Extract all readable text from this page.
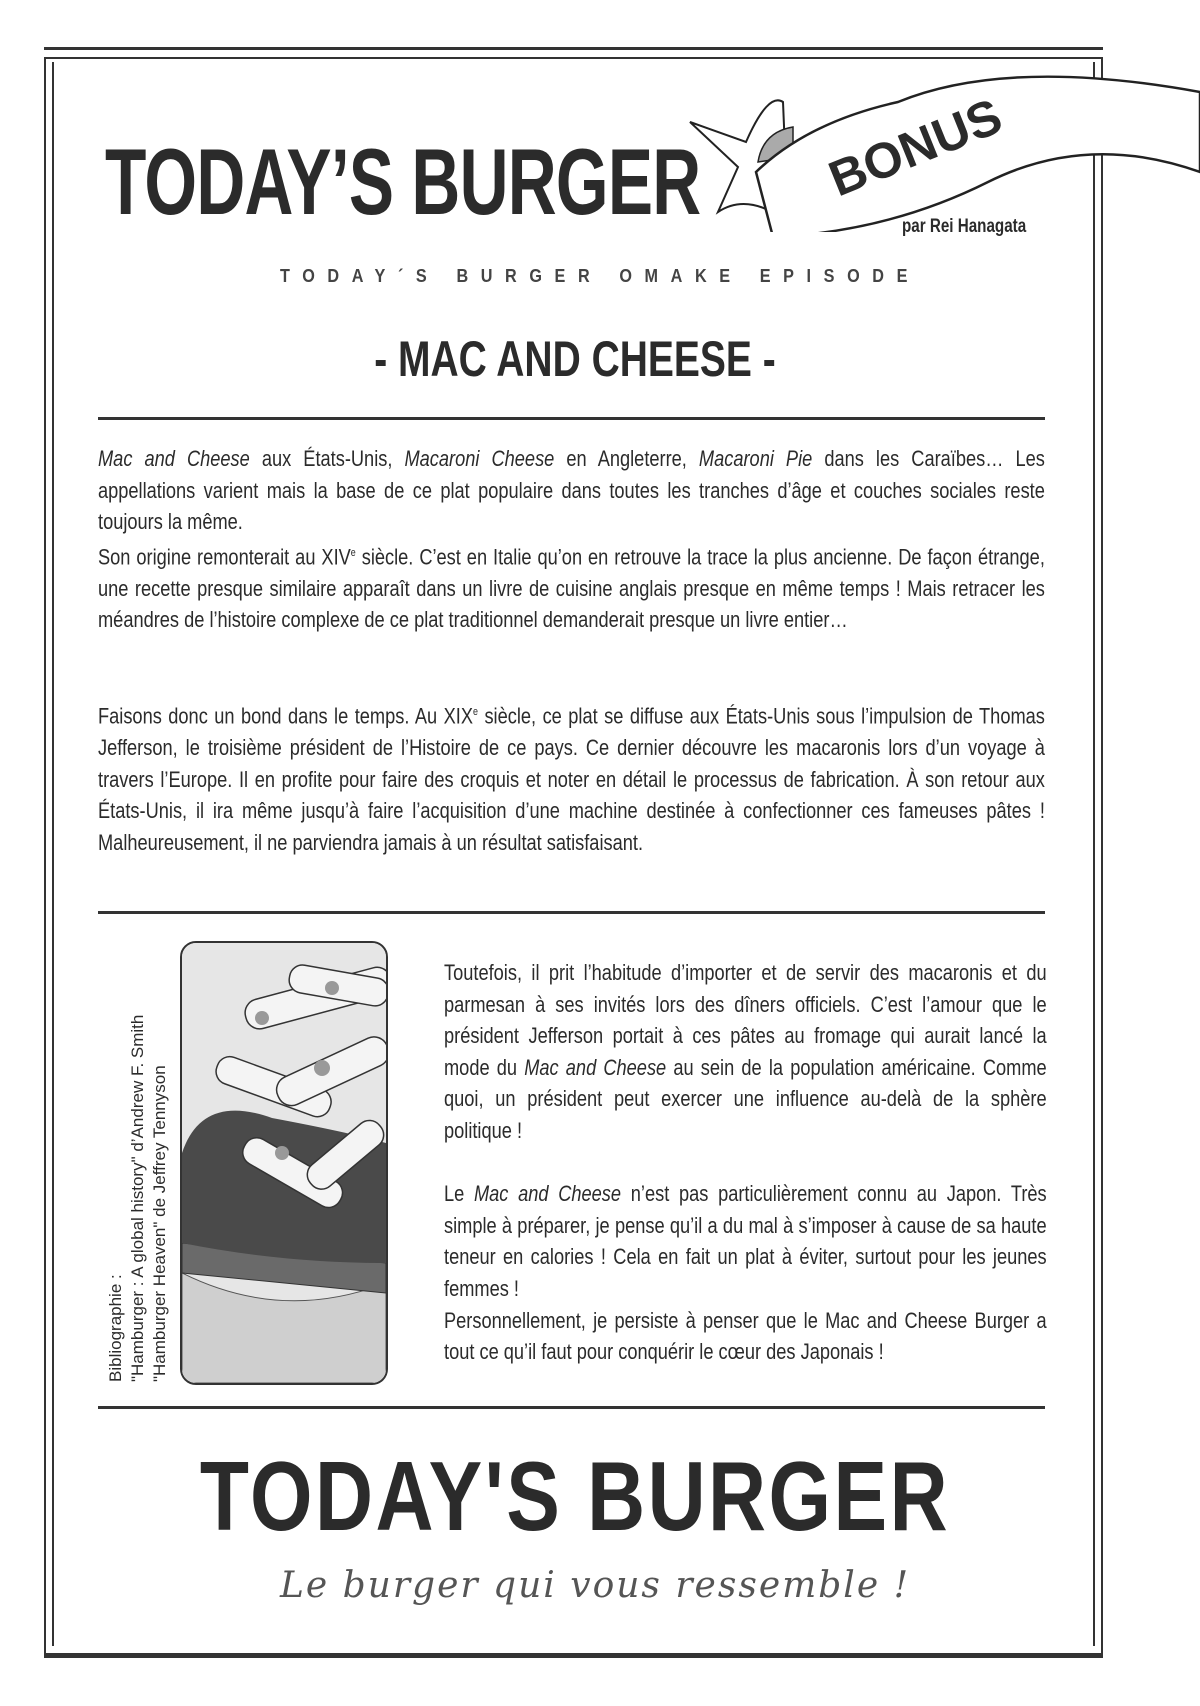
TODAY’S BURGER BONUS
par Rei Hanagata
TODAY´S BURGER OMAKE EPISODE
- MAC AND CHEESE -

Mac and Cheese aux États-Unis, Macaroni Cheese en Angleterre, Macaroni Pie dans les Caraïbes… Les appellations varient mais la base de ce plat populaire dans toutes les tranches d’âge et couches sociales reste toujours la même.

Son origine remonterait au XIVe siècle. C’est en Italie qu’on en retrouve la trace la plus ancienne. De façon étrange, une recette presque similaire apparaît dans un livre de cuisine anglais presque en même temps ! Mais retracer les méandres de l’histoire complexe de ce plat traditionnel demanderait presque un livre entier…

Faisons donc un bond dans le temps. Au XIXe siècle, ce plat se diffuse aux États-Unis sous l’impulsion de Thomas Jefferson, le troisième président de l’Histoire de ce pays. Ce dernier découvre les macaronis lors d’un voyage à travers l’Europe. Il en profite pour faire des croquis et noter en détail le processus de fabrication. À son retour aux États-Unis, il ira même jusqu’à faire l’acquisition d’une machine destinée à confectionner ces fameuses pâtes ! Malheureusement, il ne parviendra jamais à un résultat satisfaisant.

Bibliographie : "Hamburger : A global history" d’Andrew F. Smith "Hamburger Heaven" de Jeffrey Tennyson

Toutefois, il prit l’habitude d’importer et de servir des macaronis et du parmesan à ses invités lors des dîners officiels. C’est l’amour que le président Jefferson portait à ces pâtes au fromage qui aurait lancé la mode du Mac and Cheese au sein de la population américaine. Comme quoi, un président peut exercer une influence au-delà de la sphère politique !

Le Mac and Cheese n’est pas particulièrement connu au Japon. Très simple à préparer, je pense qu’il a du mal à s’imposer à cause de sa haute teneur en calories ! Cela en fait un plat à éviter, surtout pour les jeunes femmes !

Personnellement, je persiste à penser que le Mac and Cheese Burger a tout ce qu’il faut pour conquérir le cœur des Japonais !

TODAY'S BURGER
Le burger qui vous ressemble !
